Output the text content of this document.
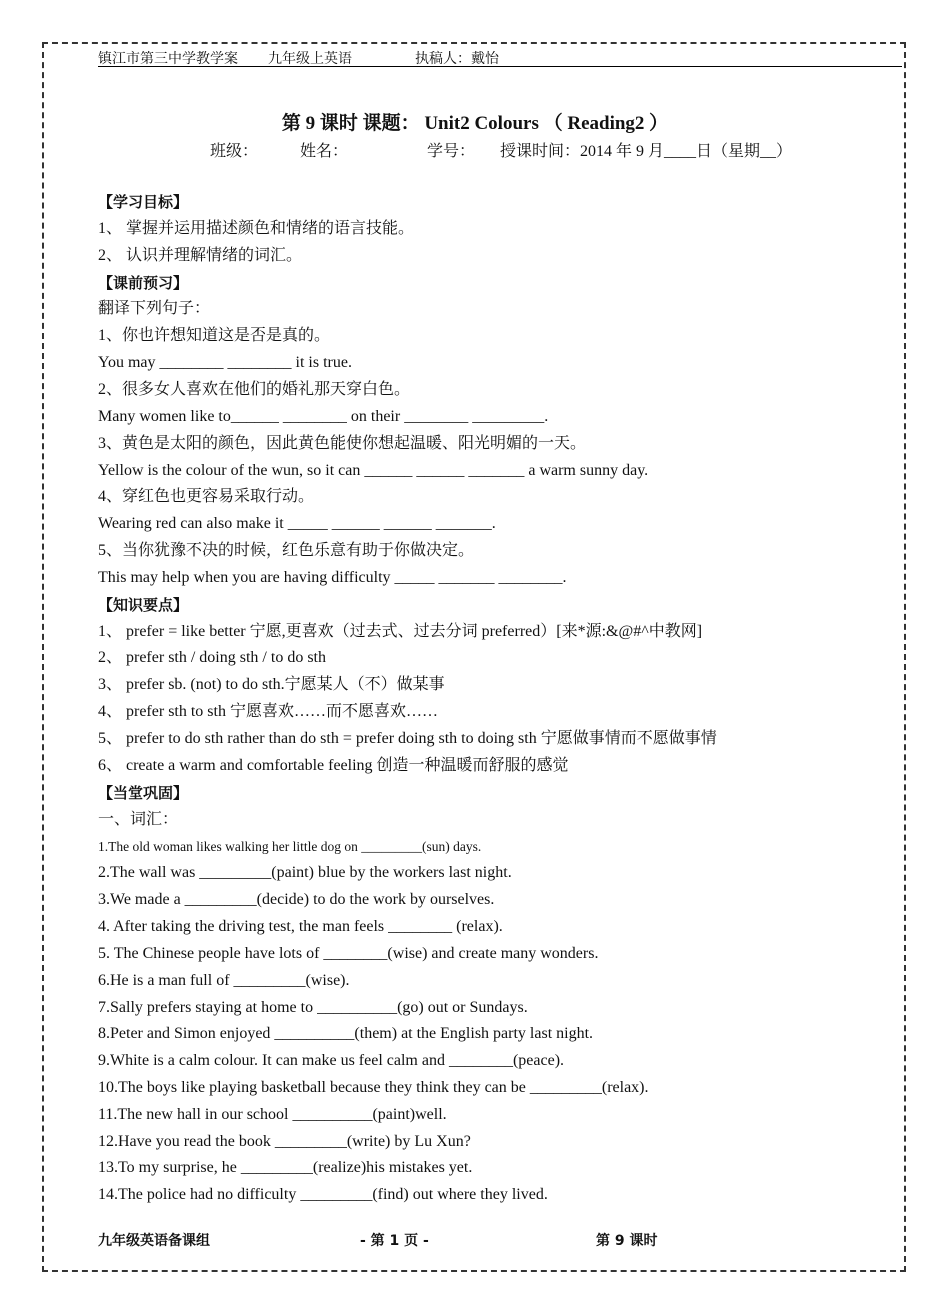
镇江市第三中学教学案 九年级上英语	执稿人：戴怡
第 9 课时 课题： Unit2 Colours （ Reading2 ）
班级：	姓名：	学号： 授课时间：2014 年 9 月____日（星期__）
【学习目标】
1、 掌握并运用描述颜色和情绪的语言技能。
2、 认识并理解情绪的词汇。
【课前预习】
翻译下列句子：
1、你也许想知道这是否是真的。
You may ________ ________ it is true.
2、很多女人喜欢在他们的婚礼那天穿白色。
Many women like to______ ________ on their ________ _________.
3、黄色是太阳的颜色，因此黄色能使你想起温暖、阳光明媚的一天。
Yellow is the colour of the wun, so it can ______ ______ _______ a warm sunny day.
4、穿红色也更容易采取行动。
Wearing red can also make it _____ ______ ______ _______.
5、当你犹豫不决的时候，红色乐意有助于你做决定。
This may help when you are having difficulty _____ _______ ________.
【知识要点】
1、 prefer = like better 宁愿,更喜欢（过去式、过去分词 preferred）[来*源:&@#^中教网]
2、 prefer sth / doing sth / to do sth
3、 prefer sb. (not) to do sth.宁愿某人（不）做某事
4、 prefer sth to sth 宁愿喜欢……而不愿喜欢……
5、 prefer to do sth rather than do sth = prefer doing sth to doing sth 宁愿做事情而不愿做事情
6、 create a warm and comfortable feeling 创造一种温暖而舒服的感觉
【当堂巩固】
一、词汇：
1.The old woman likes walking her little dog on _________(sun) days.
2.The wall was _________(paint) blue by the workers last night.
3.We made a _________(decide) to do the work by ourselves.
4. After taking the driving test, the man feels ________ (relax).
5. The Chinese people have lots of ________(wise) and create many wonders.
6.He is a man full of _________(wise).
7.Sally prefers staying at home to __________(go) out or Sundays.
8.Peter and Simon enjoyed __________(them) at the English party last night.
9.White is a calm colour. It can make us feel calm and ________(peace).
10.The boys like playing basketball because they think they can be _________(relax).
11.The new hall in our school __________(paint)well.
12.Have you read the book _________(write) by Lu Xun?
13.To my surprise, he _________(realize)his mistakes yet.
14.The police had no difficulty _________(find) out where they lived.
九年级英语备课组	- 第 1 页 -	第 9 课时
